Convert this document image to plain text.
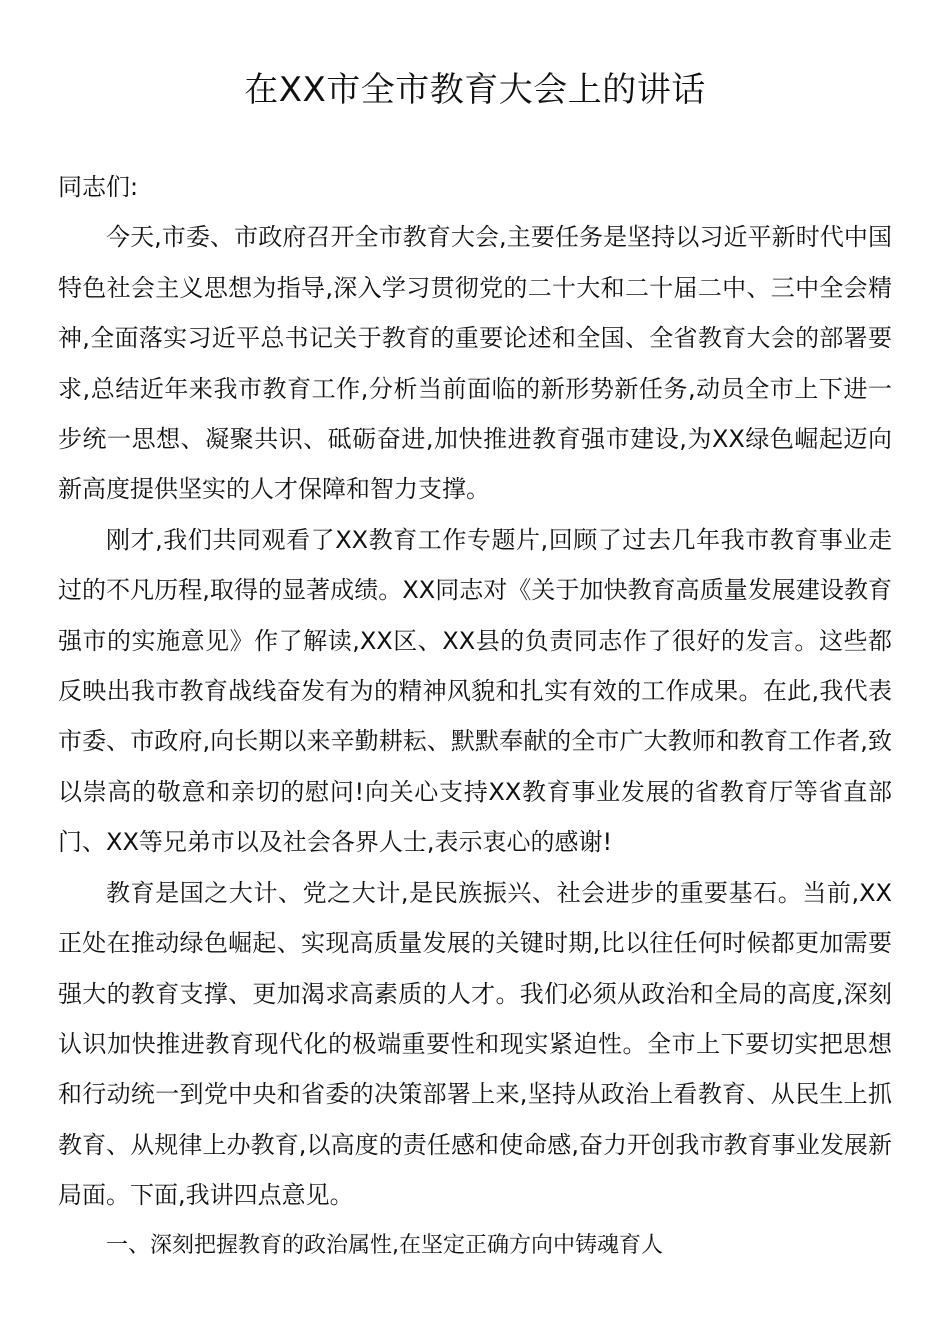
在XX市全市教育大会上的讲话

同志们:

今天,市委、市政府召开全市教育大会,主要任务是坚持以习近平新时代中国特色社会主义思想为指导,深入学习贯彻党的二十大和二十届二中、三中全会精神,全面落实习近平总书记关于教育的重要论述和全国、全省教育大会的部署要求,总结近年来我市教育工作,分析当前面临的新形势新任务,动员全市上下进一步统一思想、凝聚共识、砥砺奋进,加快推进教育强市建设,为XX绿色崛起迈向新高度提供坚实的人才保障和智力支撑。

刚才,我们共同观看了XX教育工作专题片,回顾了过去几年我市教育事业走过的不凡历程,取得的显著成绩。XX同志对《关于加快教育高质量发展建设教育强市的实施意见》作了解读,XX区、XX县的负责同志作了很好的发言。这些都反映出我市教育战线奋发有为的精神风貌和扎实有效的工作成果。在此,我代表市委、市政府,向长期以来辛勤耕耘、默默奉献的全市广大教师和教育工作者,致以崇高的敬意和亲切的慰问!向关心支持XX教育事业发展的省教育厅等省直部门、XX等兄弟市以及社会各界人士,表示衷心的感谢!

教育是国之大计、党之大计,是民族振兴、社会进步的重要基石。当前,XX正处在推动绿色崛起、实现高质量发展的关键时期,比以往任何时候都更加需要强大的教育支撑、更加渴求高素质的人才。我们必须从政治和全局的高度,深刻认识加快推进教育现代化的极端重要性和现实紧迫性。全市上下要切实把思想和行动统一到党中央和省委的决策部署上来,坚持从政治上看教育、从民生上抓教育、从规律上办教育,以高度的责任感和使命感,奋力开创我市教育事业发展新局面。下面,我讲四点意见。

一、深刻把握教育的政治属性,在坚定正确方向中铸魂育人
